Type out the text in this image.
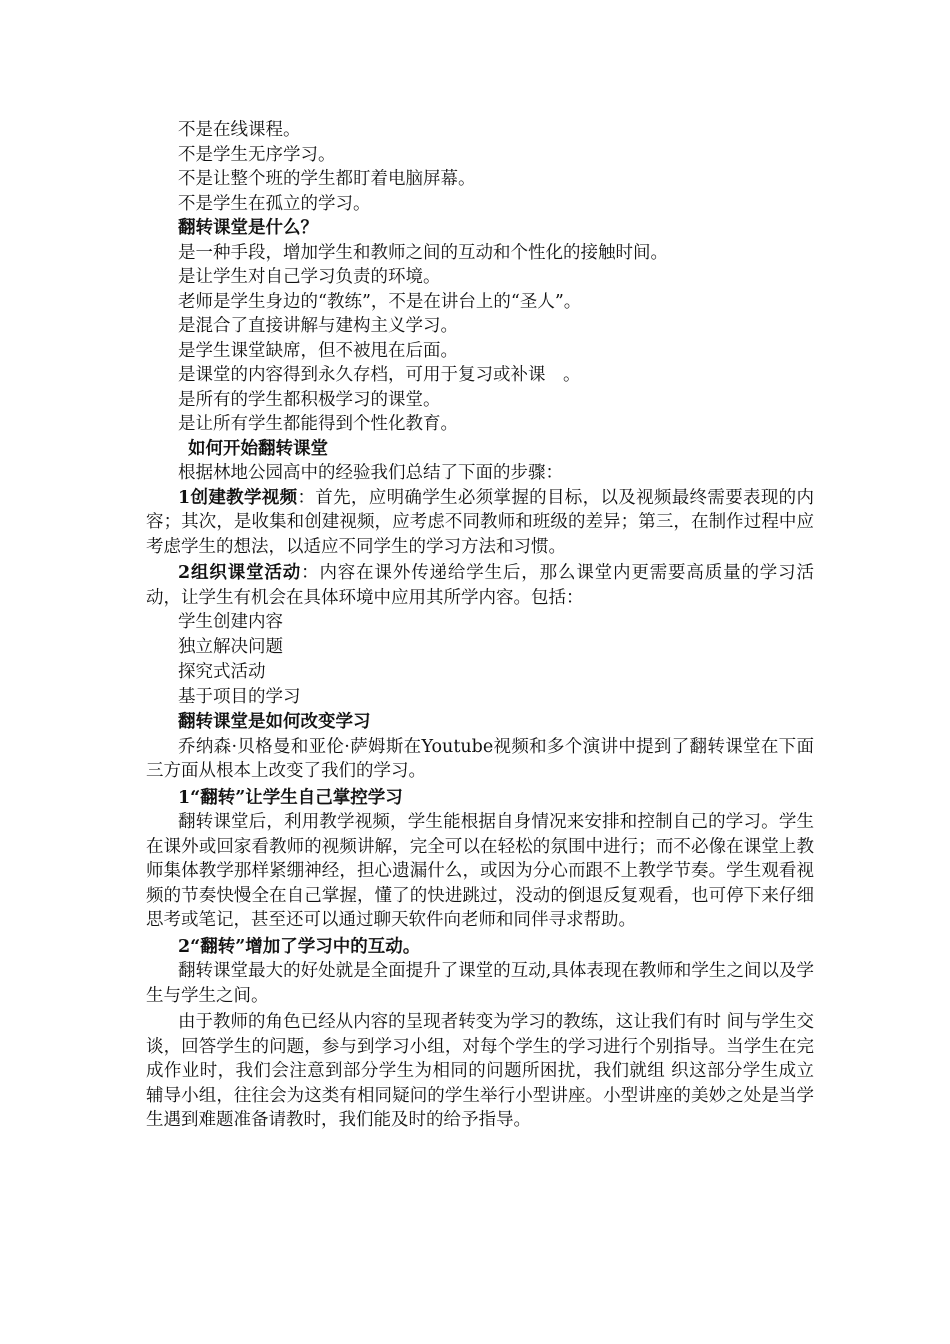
不是在线课程。

不是学生无序学习。

不是让整个班的学生都盯着电脑屏幕。

不是学生在孤立的学习。

翻转课堂是什么？

是一种手段，增加学生和教师之间的互动和个性化的接触时间。

是让学生对自己学习负责的环境。

老师是学生身边的“教练”，不是在讲台上的“圣人”。

是混合了直接讲解与建构主义学习。

是学生课堂缺席，但不被甩在后面。

是课堂的内容得到永久存档，可用于复习或补课　。

是所有的学生都积极学习的课堂。

是让所有学生都能得到个性化教育。

如何开始翻转课堂

根据林地公园高中的经验我们总结了下面的步骤：

1创建教学视频：首先，应明确学生必须掌握的目标，以及视频最终需要表现的内容；其次，是收集和创建视频，应考虑不同教师和班级的差异；第三，在制作过程中应考虑学生的想法，以适应不同学生的学习方法和习惯。

2组织课堂活动：内容在课外传递给学生后，那么课堂内更需要高质量的学习活动，让学生有机会在具体环境中应用其所学内容。包括：

学生创建内容

独立解决问题

探究式活动

基于项目的学习

翻转课堂是如何改变学习

乔纳森·贝格曼和亚伦·萨姆斯在Youtube视频和多个演讲中提到了翻转课堂在下面三方面从根本上改变了我们的学习。

1“翻转”让学生自己掌控学习

翻转课堂后，利用教学视频，学生能根据自身情况来安排和控制自己的学习。学生在课外或回家看教师的视频讲解，完全可以在轻松的氛围中进行；而不必像在课堂上教师集体教学那样紧绷神经，担心遗漏什么，或因为分心而跟不上教学节奏。学生观看视频的节奏快慢全在自己掌握，懂了的快进跳过，没动的倒退反复观看，也可停下来仔细思考或笔记，甚至还可以通过聊天软件向老师和同伴寻求帮助。

2“翻转”增加了学习中的互动。

翻转课堂最大的好处就是全面提升了课堂的互动,具体表现在教师和学生之间以及学生与学生之间。

由于教师的角色已经从内容的呈现者转变为学习的教练，这让我们有时 间与学生交谈，回答学生的问题，参与到学习小组，对每个学生的学习进行个别指导。当学生在完成作业时，我们会注意到部分学生为相同的问题所困扰，我们就组 织这部分学生成立辅导小组，往往会为这类有相同疑问的学生举行小型讲座。小型讲座的美妙之处是当学生遇到难题准备请教时，我们能及时的给予指导。
